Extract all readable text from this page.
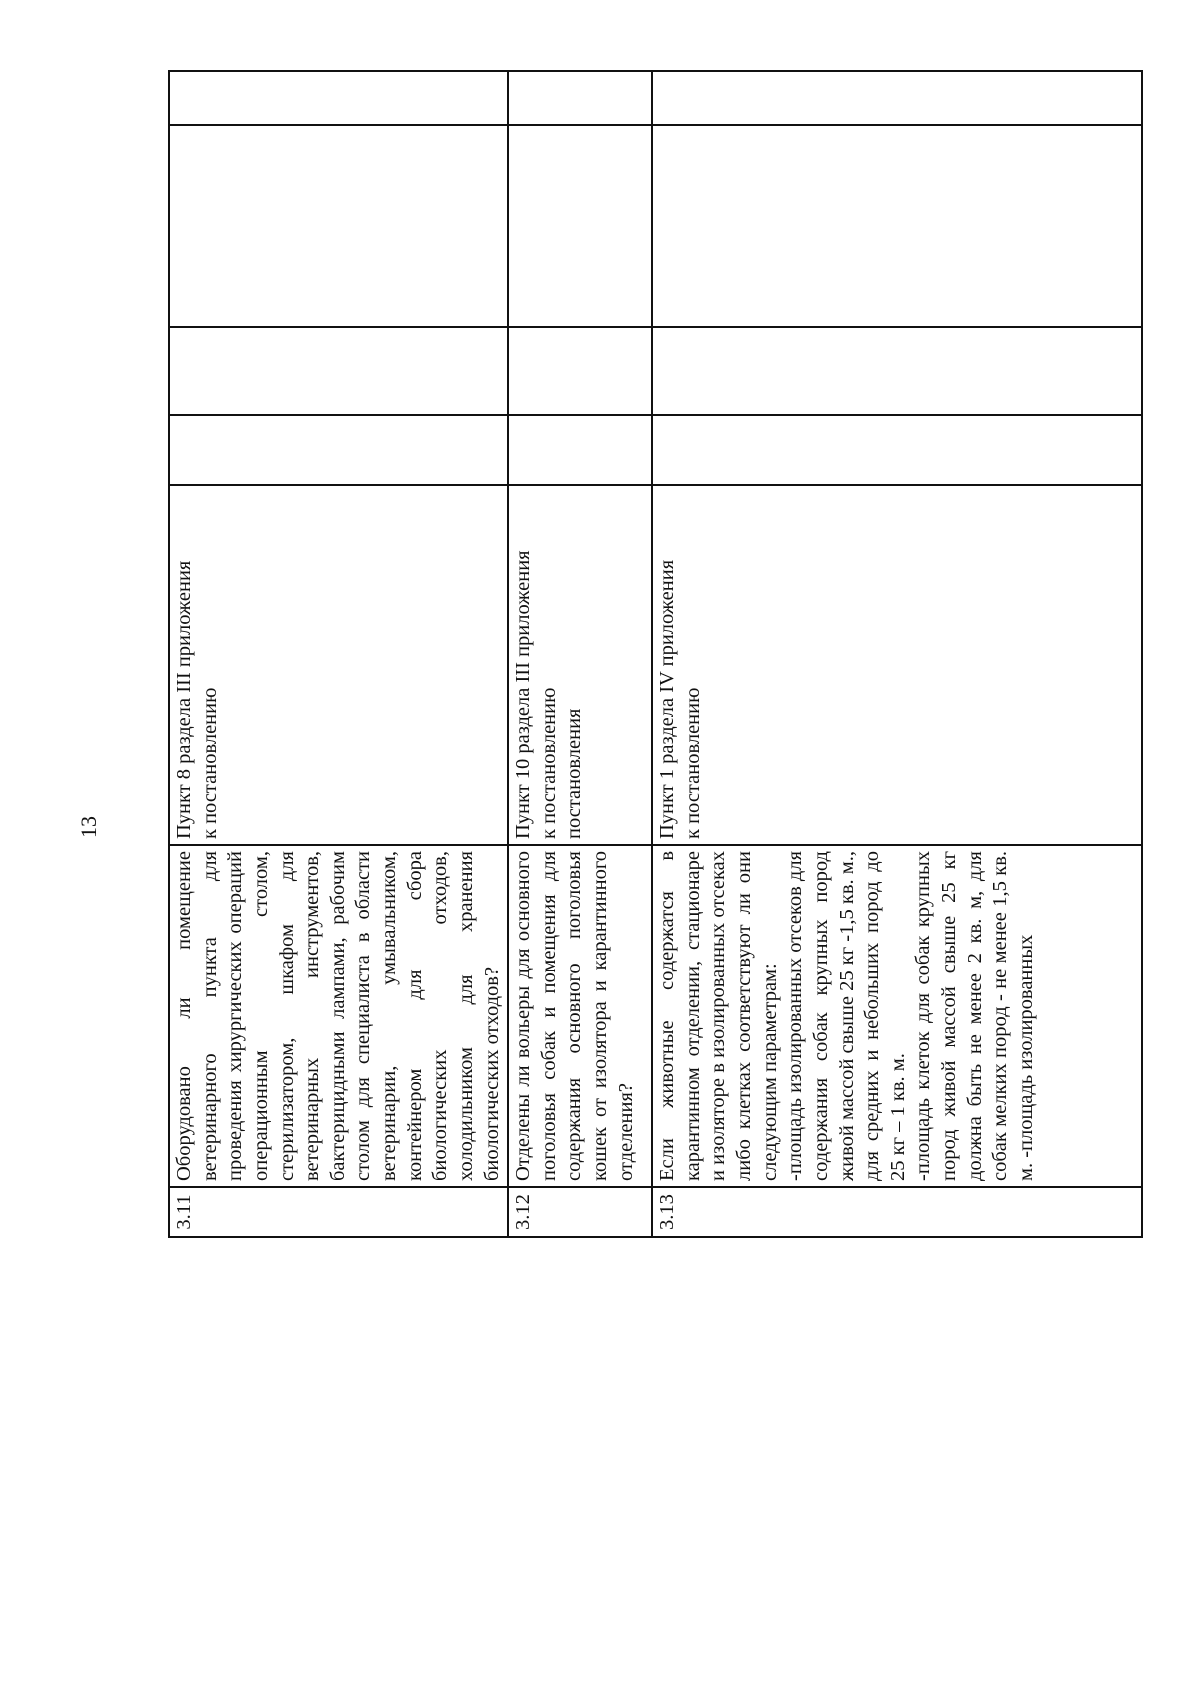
13
3.11	Оборудовано ли помещение ветеринарного пункта для проведения хирургических операций операционным столом, стерилизатором, шкафом для ветеринарных инструментов, бактерицидными лампами, рабочим столом для специалиста в области ветеринарии, умывальником, контейнером для сбора биологических отходов, холодильником для хранения биологических отходов?	Пункт 8 раздела III приложения к постановлению				

3.12	Отделены ли вольеры для основного поголовья собак и помещения для содержания основного поголовья кошек от изолятора и карантинного отделения?	Пункт 10 раздела III приложения к постановлению постановления				

3.13	Если животные содержатся в карантинном отделении, стационаре и изоляторе в изолированных отсеках либо клетках соответствуют ли они следующим параметрам: -площадь изолированных отсеков для содержания собак крупных пород живой массой свыше 25 кг -1,5 кв. м., для средних и небольших пород до 25 кг – 1 кв. м. -площадь клеток для собак крупных пород живой массой свыше 25 кг должна быть не менее 2 кв. м, для собак мелких пород - не менее 1,5 кв. м. -площадь изолированных	Пункт 1 раздела IV приложения к постановлению				
